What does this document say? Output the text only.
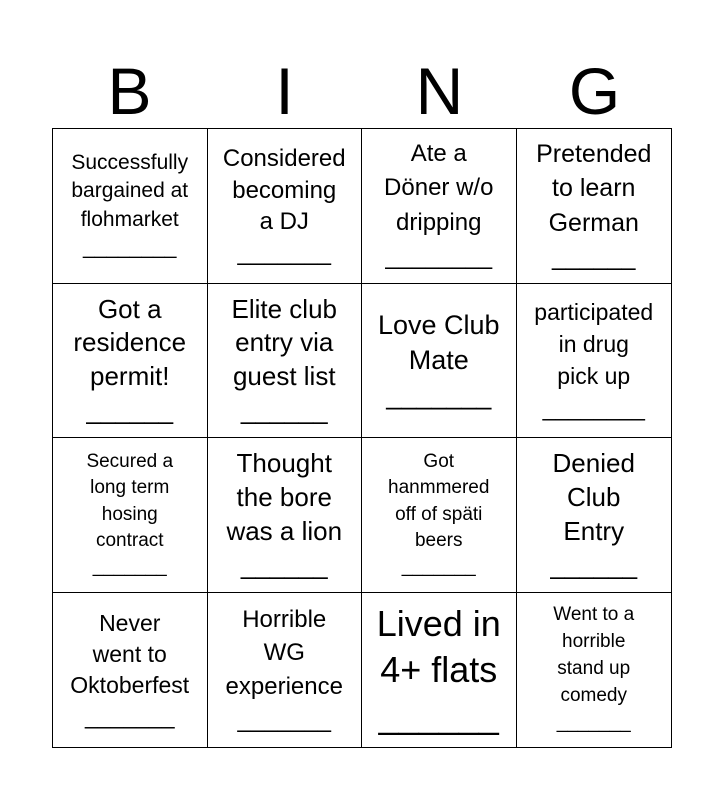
B	I	N	G
Successfully
bargained at
flohmarket
________
Considered
becoming
a DJ
_______
Ate a
Döner w/o
dripping
________
Pretended
to learn
German
______
Got a
residence
permit!
______
Elite club
entry via
guest list
______
Love Club
Mate
_______
participated
in drug
pick up
________
Secured a
long term
hosing
contract
_______
Thought
the bore
was a lion
______
Got
hanmmered
off of späti
beers
_______
Denied
Club
Entry
______
Never
went to
Oktoberfest
_______
Horrible
WG
experience
_______
Lived in
4+ flats
______
Went to a
horrible
stand up
comedy
_______
